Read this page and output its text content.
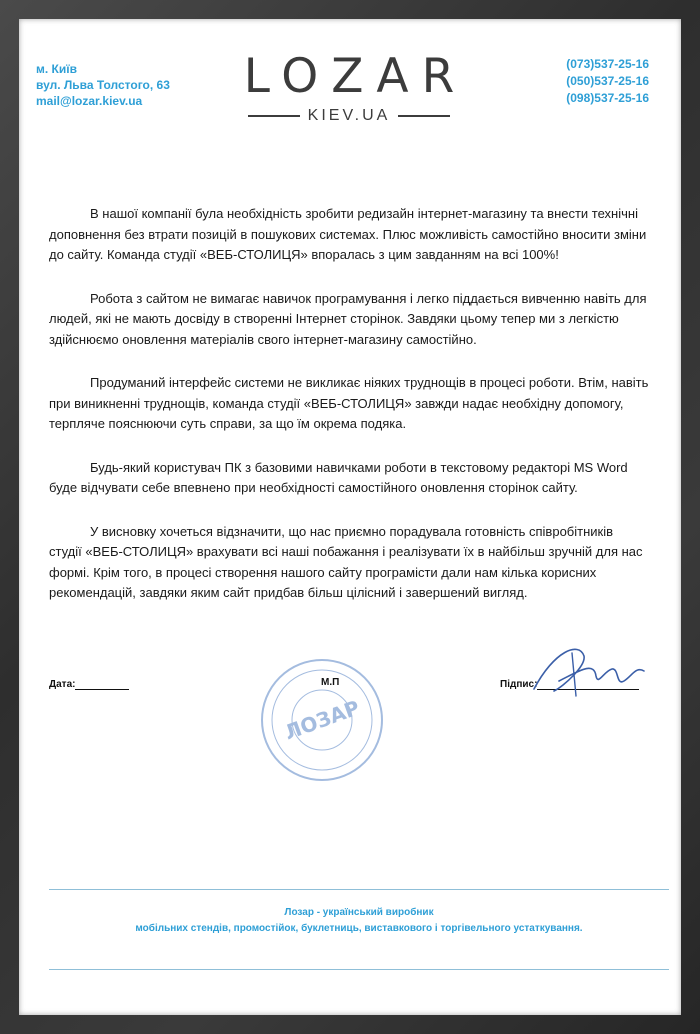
м. Київ
вул. Льва Толстого, 63
mail@lozar.kiev.ua	LOZAR
KIEV.UA
(073)537-25-16
(050)537-25-16
(098)537-25-16

В нашої компанії була необхідність зробити редизайн інтернет-магазину та внести технічні доповнення без втрати позицій в пошукових системах. Плюс можливість самостійно вносити зміни до сайту. Команда студії «ВЕБ-СТОЛИЦЯ» впоралась з цим завданням на всі 100%!

Робота з сайтом не вимагає навичок програмування і легко піддається вивченню навіть для людей, які не мають досвіду в створенні Інтернет сторінок. Завдяки цьому тепер ми з легкістю здійснюємо оновлення матеріалів свого інтернет-магазину самостійно.

Продуманий інтерфейс системи не викликає ніяких труднощів в процесі роботи. Втім, навіть при виникненні труднощів, команда студії «ВЕБ-СТОЛИЦЯ» завжди надає необхідну допомогу, терпляче пояснюючи суть справи, за що їм окрема подяка.

Будь-який користувач ПК з базовими навичками роботи в текстовому редакторі MS Word буде відчувати себе впевнено при необхідності самостійного оновлення сторінок сайту.

У висновку хочеться відзначити, що нас приємно порадувала готовність співробітників студії «ВЕБ-СТОЛИЦЯ» врахувати всі наші побажання і реалізувати їх в найбільш зручній для нас формі. Крім того, в процесі створення нашого сайту програмісти дали нам кілька корисних рекомендацій, завдяки яким сайт придбав більш цілісний і завершений вигляд.

ЛОЗАР
Дата:	М.П	Підпис:
Лозар - український виробник
мобільних стендів, промостійок, буклетниць, виставкового і торгівельного устаткування.
